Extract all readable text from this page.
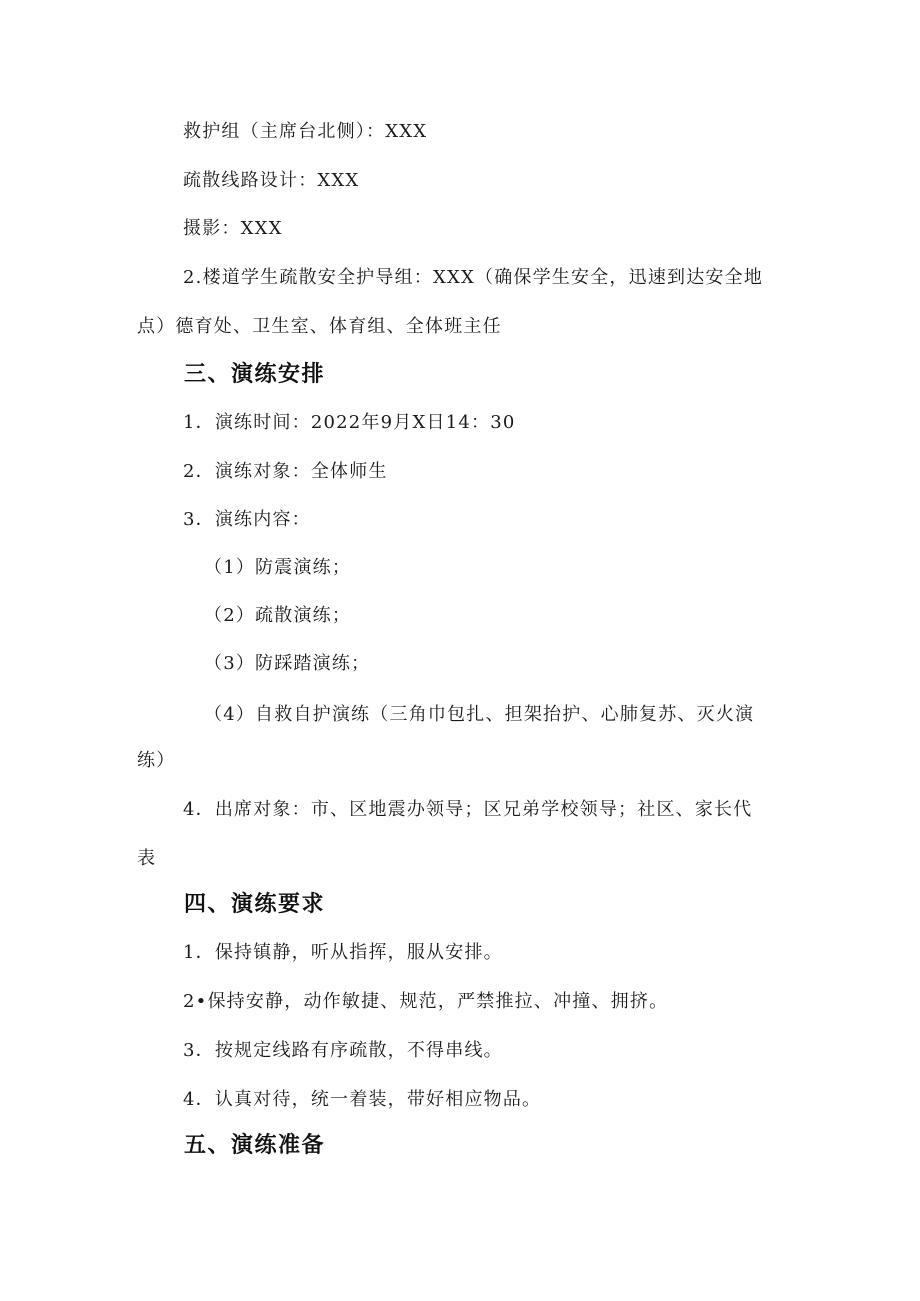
救护组（主席台北侧）：XXX
疏散线路设计：XXX
摄影：XXX
2.楼道学生疏散安全护导组：XXX（确保学生安全，迅速到达安全地
点）德育处、卫生室、体育组、全体班主任
三、演练安排
1．演练时间：2022年9月X日14：30
2．演练对象：全体师生
3．演练内容：
（1）防震演练；
（2）疏散演练；
（3）防踩踏演练；
（4）自救自护演练（三角巾包扎、担架抬护、心肺复苏、灭火演
练）
4．出席对象：市、区地震办领导；区兄弟学校领导；社区、家长代
表
四、演练要求
1．保持镇静，听从指挥，服从安排。
2•保持安静，动作敏捷、规范，严禁推拉、冲撞、拥挤。
3．按规定线路有序疏散，不得串线。
4．认真对待，统一着装，带好相应物品。
五、演练准备
